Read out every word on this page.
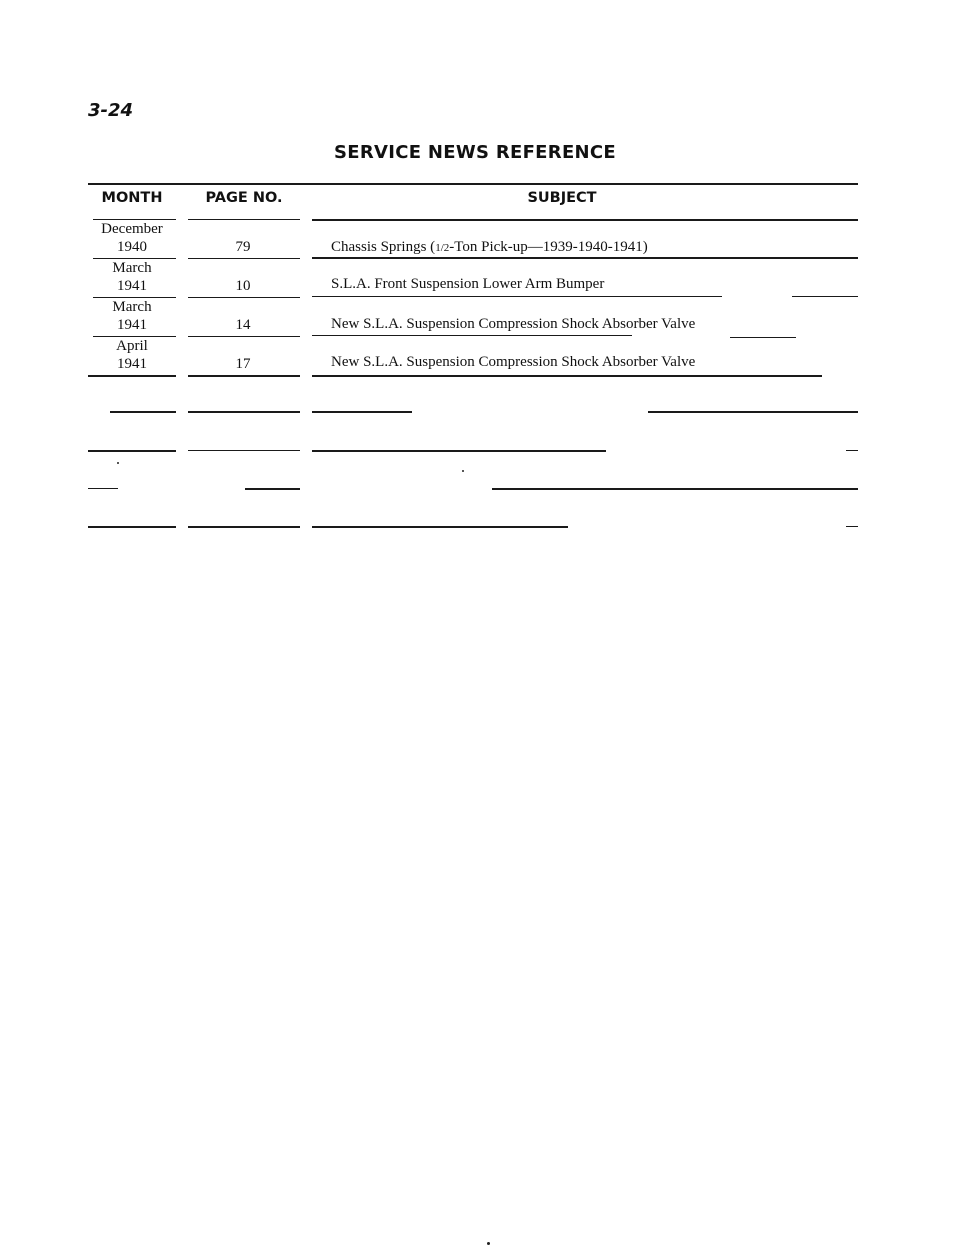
3-24
SERVICE NEWS REFERENCE
MONTH	PAGE NO.	SUBJECT
December
1940	79	Chassis Springs (1/2-Ton Pick-up—1939-1940-1941)
March
1941	10	S.L.A. Front Suspension Lower Arm Bumper
March
1941	14	New S.L.A. Suspension Compression Shock Absorber Valve
April
1941	17	New S.L.A. Suspension Compression Shock Absorber Valve
